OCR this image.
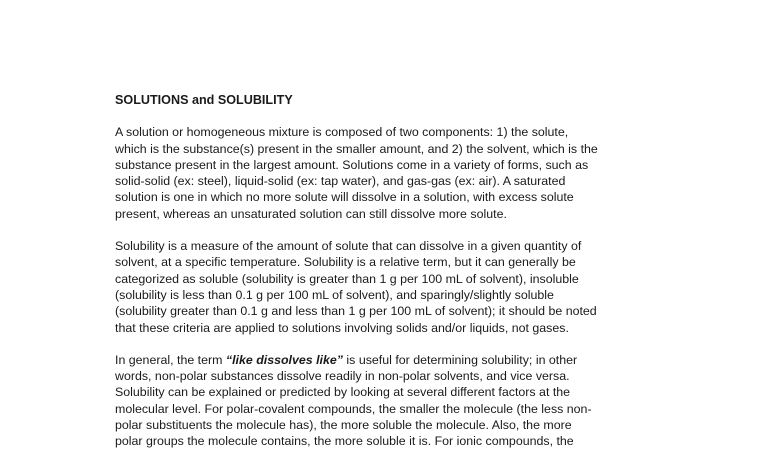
SOLUTIONS and SOLUBILITY
A solution or homogeneous mixture is composed of two components: 1) the solute,
which is the substance(s) present in the smaller amount, and 2) the solvent, which is the
substance present in the largest amount. Solutions come in a variety of forms, such as
solid-solid (ex: steel), liquid-solid (ex: tap water), and gas-gas (ex: air). A saturated
solution is one in which no more solute will dissolve in a solution, with excess solute
present, whereas an unsaturated solution can still dissolve more solute.
Solubility is a measure of the amount of solute that can dissolve in a given quantity of
solvent, at a specific temperature. Solubility is a relative term, but it can generally be
categorized as soluble (solubility is greater than 1 g per 100 mL of solvent), insoluble
(solubility is less than 0.1 g per 100 mL of solvent), and sparingly/slightly soluble
(solubility greater than 0.1 g and less than 1 g per 100 mL of solvent); it should be noted
that these criteria are applied to solutions involving solids and/or liquids, not gases.
In general, the term “like dissolves like” is useful for determining solubility; in other
words, non-polar substances dissolve readily in non-polar solvents, and vice versa.
Solubility can be explained or predicted by looking at several different factors at the
molecular level. For polar-covalent compounds, the smaller the molecule (the less non-
polar substituents the molecule has), the more soluble the molecule. Also, the more
polar groups the molecule contains, the more soluble it is. For ionic compounds, the
